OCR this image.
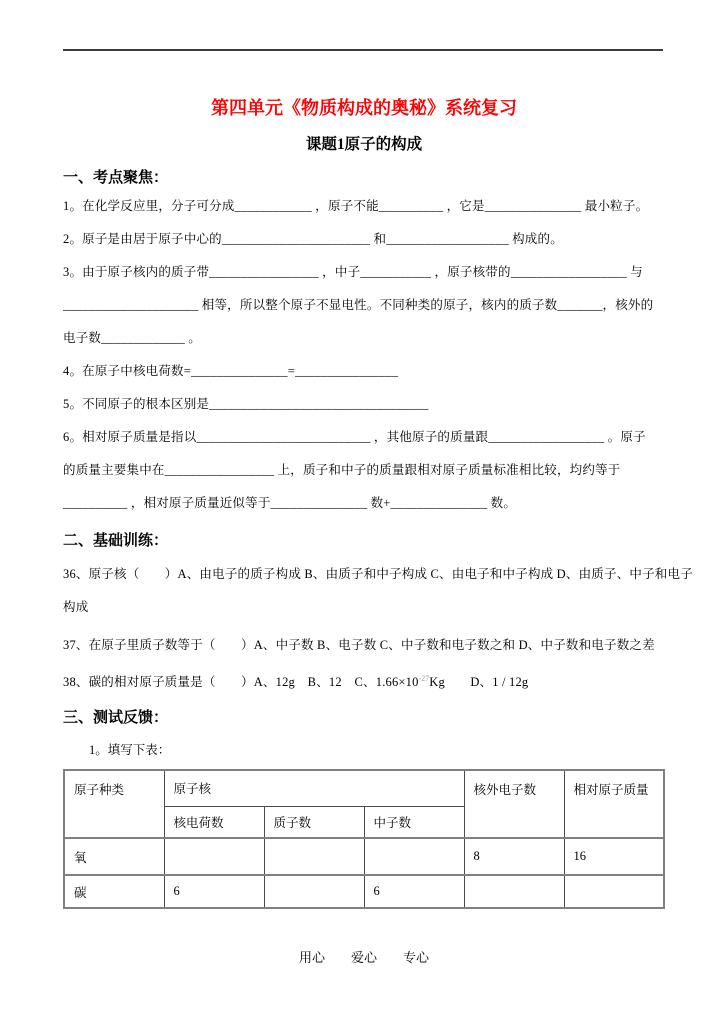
第四单元《物质构成的奥秘》系统复习
课题1原子的构成
一、考点聚焦：

1。在化学反应里，分子可分成____________ ，原子不能__________ ，它是_______________ 最小粒子。

2。原子是由居于原子中心的_______________________ 和___________________ 构成的。

3。由于原子核内的质子带_________________ ，中子___________ ，原子核带的__________________ 与

_____________________ 相等，所以整个原子不显电性。不同种类的原子，核内的质子数_______，核外的

电子数_____________ 。

4。在原子中核电荷数=_______________=________________

5。不同原子的根本区别是__________________________________

6。相对原子质量是指以___________________________ ，其他原子的质量跟__________________ 。原子

的质量主要集中在_________________ 上，质子和中子的质量跟相对原子质量标准相比较，均约等于

__________ ，相对原子质量近似等于_______________ 数+_______________ 数。

二、基础训练：

36、原子核（　　）A、由电子的质子构成 B、由质子和中子构成 C、由电子和中子构成 D、由质子、中子和电子

构成

37、在原子里质子数等于（　　）A、中子数 B、电子数 C、中子数和电子数之和 D、中子数和电子数之差

38、碳的相对原子质量是（　　）A、12g　B、12　C、$1.66\times 10^{-27}Kg$　　D、1 / 12g

三、测试反馈：

1。填写下表：

原子种类	原子核			核外电子数	相对原子质量
	核电荷数	质子数	中子数		
氧				8	16
碳	6		6		

用心　　爱心　　专心
